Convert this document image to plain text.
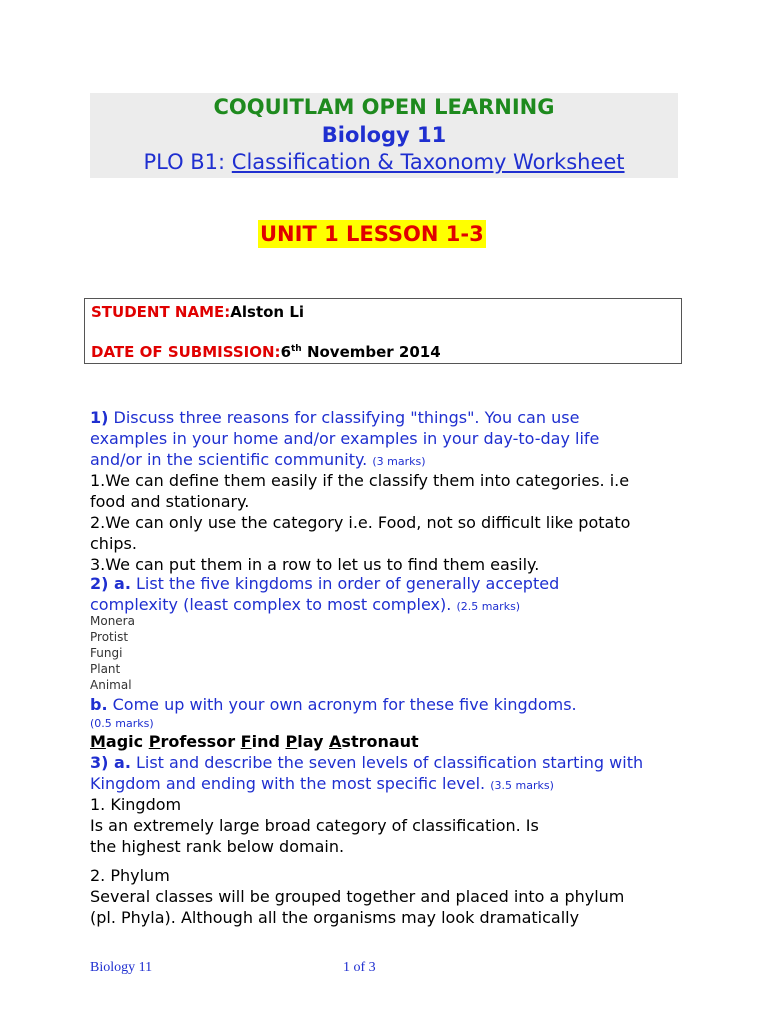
COQUITLAM OPEN LEARNING
Biology 11
PLO B1: Classification & Taxonomy Worksheet
UNIT 1 LESSON 1-3
STUDENT NAME:Alston Li
DATE OF SUBMISSION:6th November 2014
1) Discuss three reasons for classifying "things". You can use
examples in your home and/or examples in your day-to-day life
and/or in the scientific community. (3 marks)
1.We can define them easily if the classify them into categories. i.e
food and stationary.
2.We can only use the category i.e. Food, not so difficult like potato
chips.
3.We can put them in a row to let us to find them easily.
2) a. List the five kingdoms in order of generally accepted
complexity (least complex to most complex). (2.5 marks)
Monera
Protist
Fungi
Plant
Animal
b. Come up with your own acronym for these five kingdoms.
(0.5 marks)
Magic Professor Find Play Astronaut
3) a. List and describe the seven levels of classification starting with
Kingdom and ending with the most specific level. (3.5 marks)
1. Kingdom
Is an extremely large broad category of classification. Is
the highest rank below domain.
2. Phylum
Several classes will be grouped together and placed into a phylum
(pl. Phyla). Although all the organisms may look dramatically
Biology 11	1 of 3
